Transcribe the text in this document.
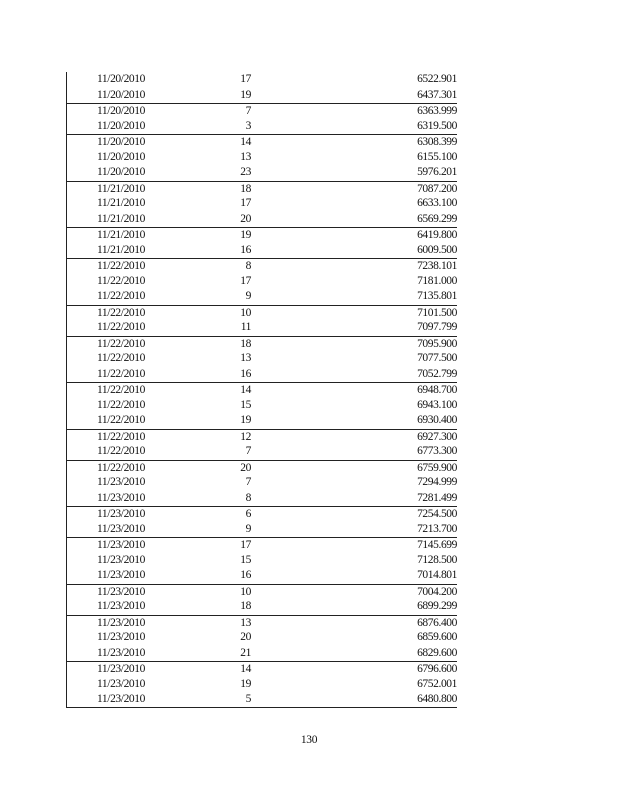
11/20/2010	17	6522.901
11/20/2010	19	6437.301
11/20/2010	7	6363.999
11/20/2010	3	6319.500
11/20/2010	14	6308.399
11/20/2010	13	6155.100
11/20/2010	23	5976.201
11/21/2010	18	7087.200
11/21/2010	17	6633.100
11/21/2010	20	6569.299
11/21/2010	19	6419.800
11/21/2010	16	6009.500
11/22/2010	8	7238.101
11/22/2010	17	7181.000
11/22/2010	9	7135.801
11/22/2010	10	7101.500
11/22/2010	11	7097.799
11/22/2010	18	7095.900
11/22/2010	13	7077.500
11/22/2010	16	7052.799
11/22/2010	14	6948.700
11/22/2010	15	6943.100
11/22/2010	19	6930.400
11/22/2010	12	6927.300
11/22/2010	7	6773.300
11/22/2010	20	6759.900
11/23/2010	7	7294.999
11/23/2010	8	7281.499
11/23/2010	6	7254.500
11/23/2010	9	7213.700
11/23/2010	17	7145.699
11/23/2010	15	7128.500
11/23/2010	16	7014.801
11/23/2010	10	7004.200
11/23/2010	18	6899.299
11/23/2010	13	6876.400
11/23/2010	20	6859.600
11/23/2010	21	6829.600
11/23/2010	14	6796.600
11/23/2010	19	6752.001
11/23/2010	5	6480.800
130
